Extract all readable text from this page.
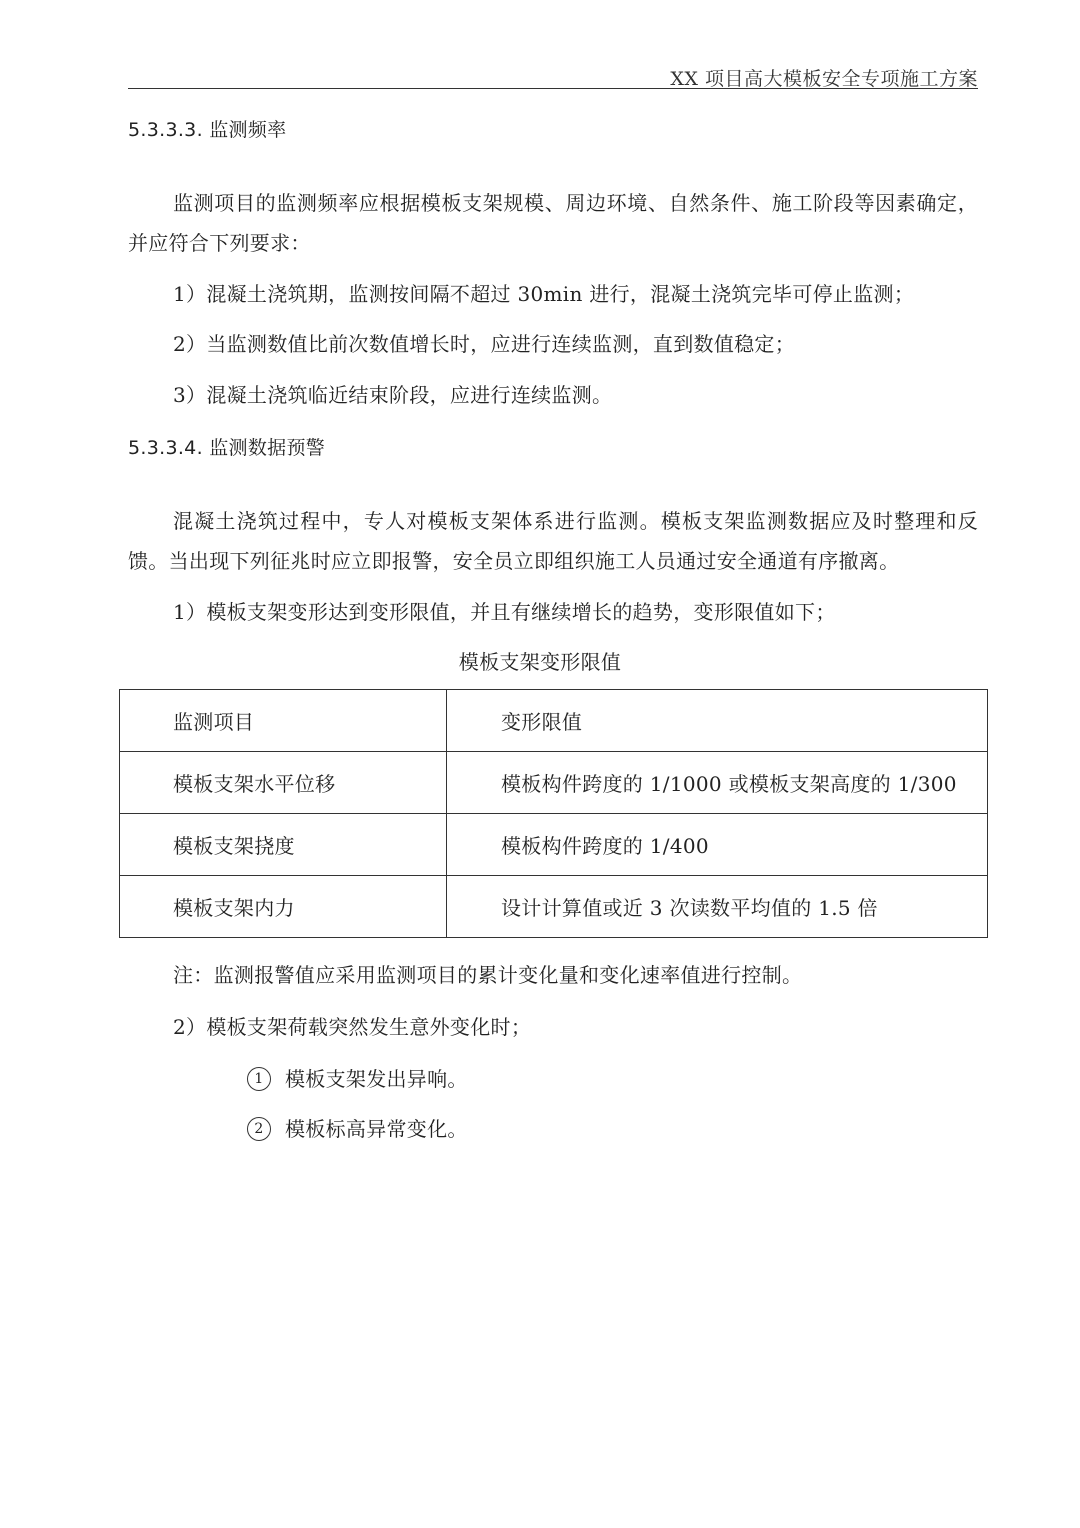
XX 项目高大模板安全专项施工方案
5.3.3.3. 监测频率
监测项目的监测频率应根据模板支架规模、周边环境、自然条件、施工阶段等因素确定，并应符合下列要求：
1）混凝土浇筑期，监测按间隔不超过 30min 进行，混凝土浇筑完毕可停止监测；
2）当监测数值比前次数值增长时，应进行连续监测，直到数值稳定；
3）混凝土浇筑临近结束阶段，应进行连续监测。
5.3.3.4. 监测数据预警
混凝土浇筑过程中，专人对模板支架体系进行监测。模板支架监测数据应及时整理和反馈。当出现下列征兆时应立即报警，安全员立即组织施工人员通过安全通道有序撤离。
1）模板支架变形达到变形限值，并且有继续增长的趋势，变形限值如下；
模板支架变形限值
监测项目	变形限值
模板支架水平位移	模板构件跨度的 1/1000 或模板支架高度的 1/300
模板支架挠度	模板构件跨度的 1/400
模板支架内力	设计计算值或近 3 次读数平均值的 1.5 倍
注：监测报警值应采用监测项目的累计变化量和变化速率值进行控制。
2）模板支架荷载突然发生意外变化时；
1 模板支架发出异响。
2 模板标高异常变化。
